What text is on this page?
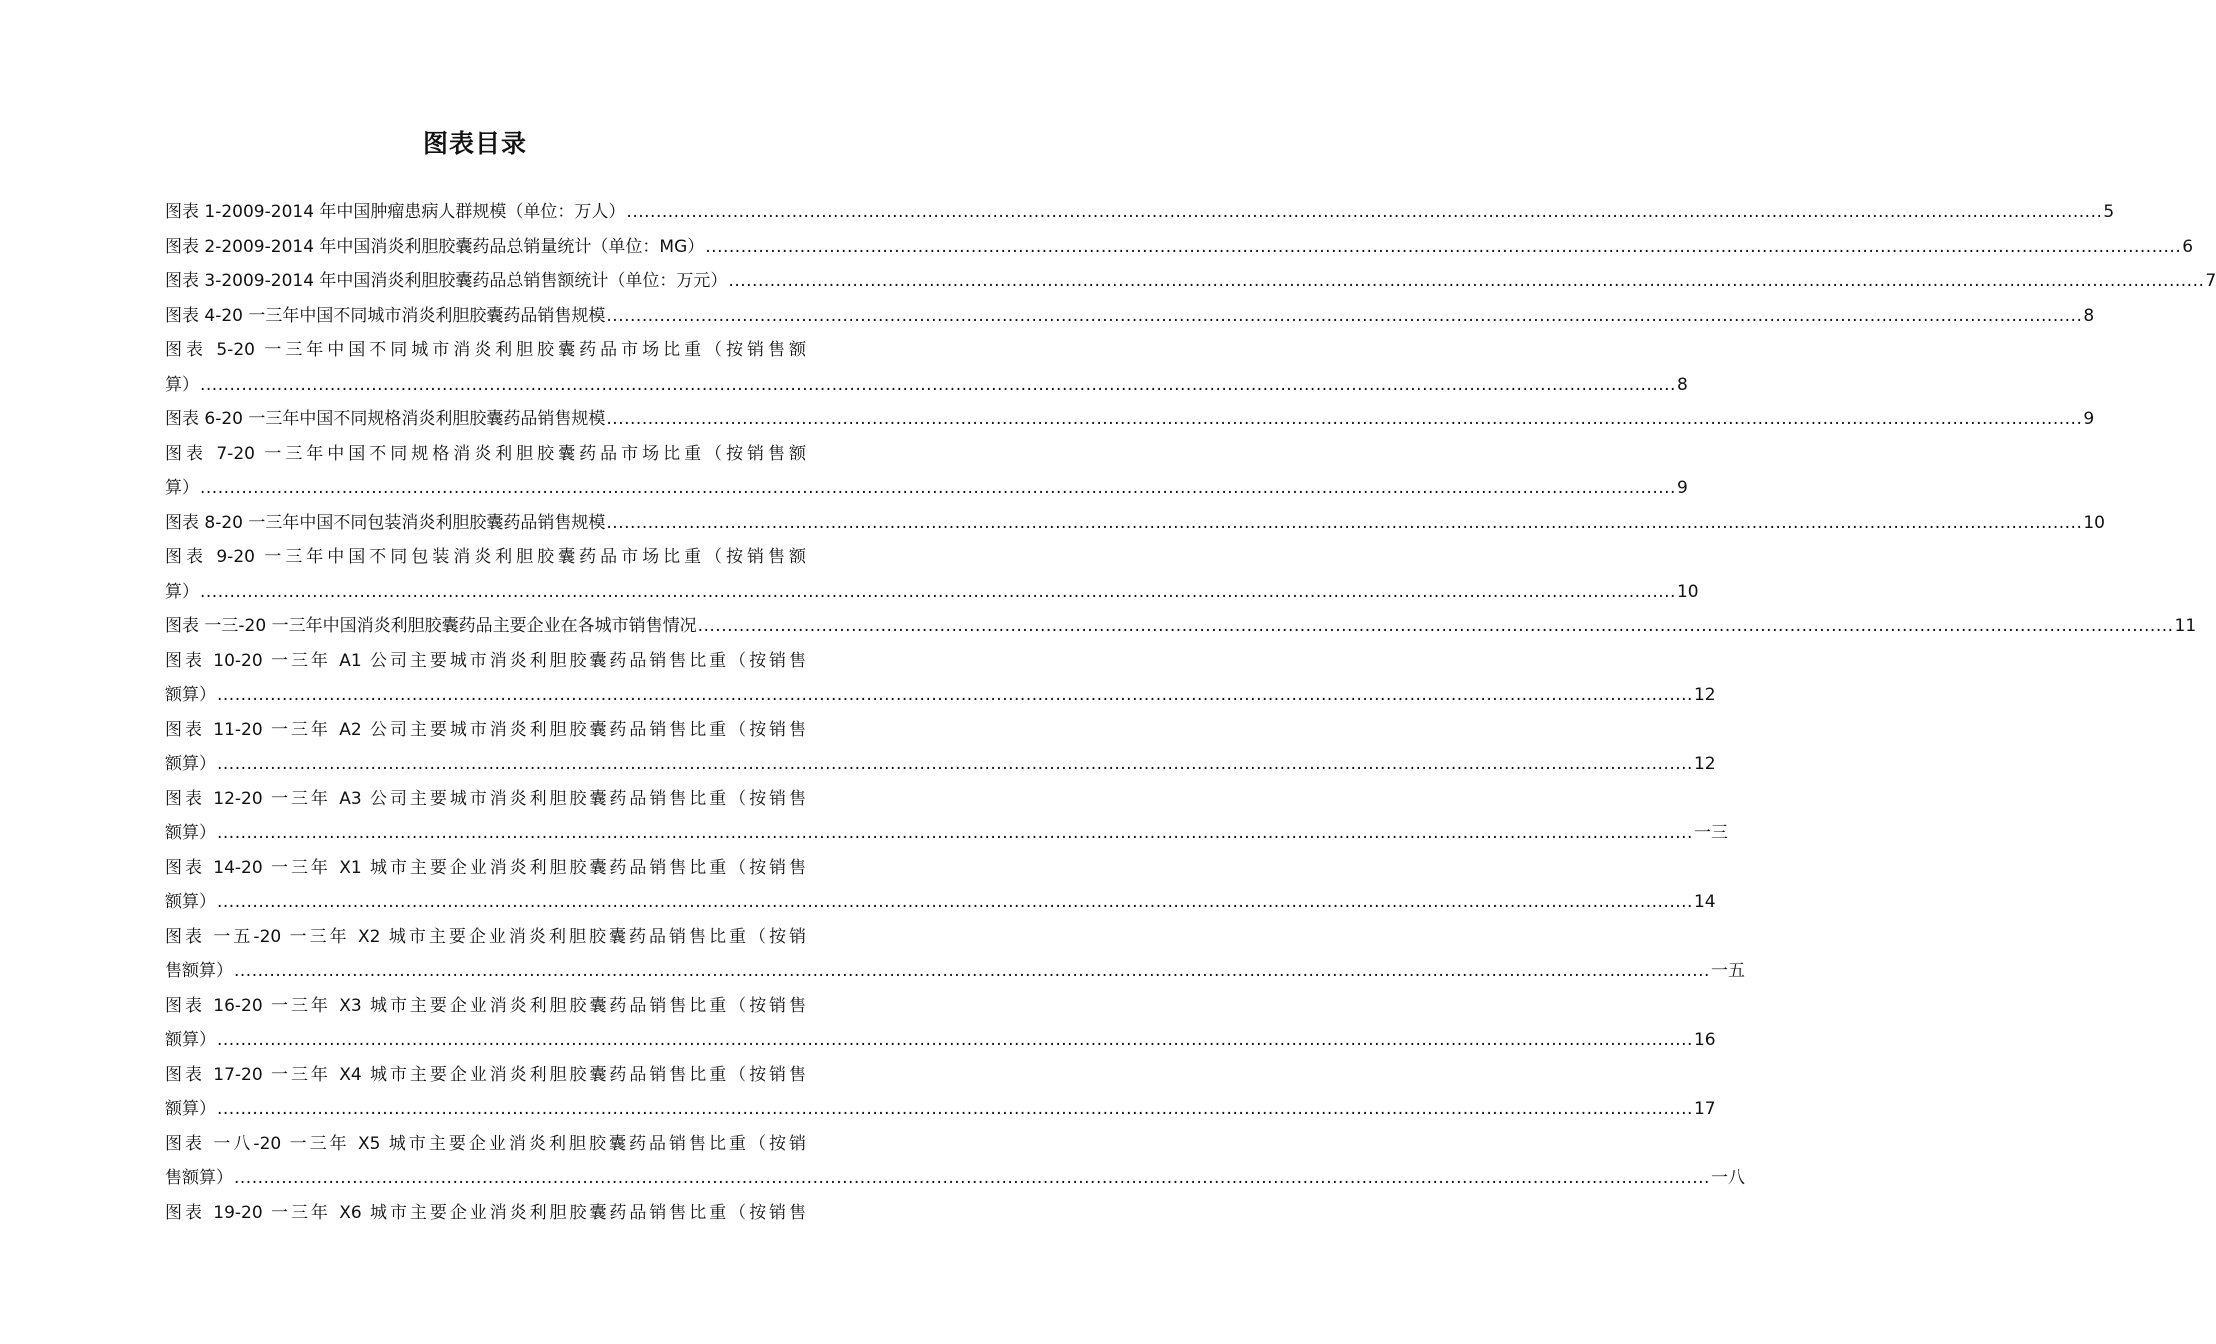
图表目录
图表 1-2009-2014 年中国肿瘤患病人群规模（单位：万人） .......................................................................................................................................................................................................................................................... 5
图表 2-2009-2014 年中国消炎利胆胶囊药品总销量统计（单位：MG） .......................................................................................................................................................................................................................................................... 6
图表 3-2009-2014 年中国消炎利胆胶囊药品总销售额统计（单位：万元） .......................................................................................................................................................................................................................................................... 7
图表 4-20 一三年中国不同城市消炎利胆胶囊药品销售规模 .......................................................................................................................................................................................................................................................... 8
图表 5-20 一三年中国不同城市消炎利胆胶囊药品市场比重（按销售额
算） .......................................................................................................................................................................................................................................................... 8
图表 6-20 一三年中国不同规格消炎利胆胶囊药品销售规模 .......................................................................................................................................................................................................................................................... 9
图表 7-20 一三年中国不同规格消炎利胆胶囊药品市场比重（按销售额
算） .......................................................................................................................................................................................................................................................... 9
图表 8-20 一三年中国不同包装消炎利胆胶囊药品销售规模 .......................................................................................................................................................................................................................................................... 10
图表 9-20 一三年中国不同包装消炎利胆胶囊药品市场比重（按销售额
算） .......................................................................................................................................................................................................................................................... 10
图表 一三-20 一三年中国消炎利胆胶囊药品主要企业在各城市销售情况 .......................................................................................................................................................................................................................................................... 11
图表 10-20 一三年 A1 公司主要城市消炎利胆胶囊药品销售比重（按销售
额算） .......................................................................................................................................................................................................................................................... 12
图表 11-20 一三年 A2 公司主要城市消炎利胆胶囊药品销售比重（按销售
额算） .......................................................................................................................................................................................................................................................... 12
图表 12-20 一三年 A3 公司主要城市消炎利胆胶囊药品销售比重（按销售
额算） .......................................................................................................................................................................................................................................................... 一三
图表 14-20 一三年 X1 城市主要企业消炎利胆胶囊药品销售比重（按销售
额算） .......................................................................................................................................................................................................................................................... 14
图表 一五-20 一三年 X2 城市主要企业消炎利胆胶囊药品销售比重（按销
售额算） .......................................................................................................................................................................................................................................................... 一五
图表 16-20 一三年 X3 城市主要企业消炎利胆胶囊药品销售比重（按销售
额算） .......................................................................................................................................................................................................................................................... 16
图表 17-20 一三年 X4 城市主要企业消炎利胆胶囊药品销售比重（按销售
额算） .......................................................................................................................................................................................................................................................... 17
图表 一八-20 一三年 X5 城市主要企业消炎利胆胶囊药品销售比重（按销
售额算） .......................................................................................................................................................................................................................................................... 一八
图表 19-20 一三年 X6 城市主要企业消炎利胆胶囊药品销售比重（按销售
